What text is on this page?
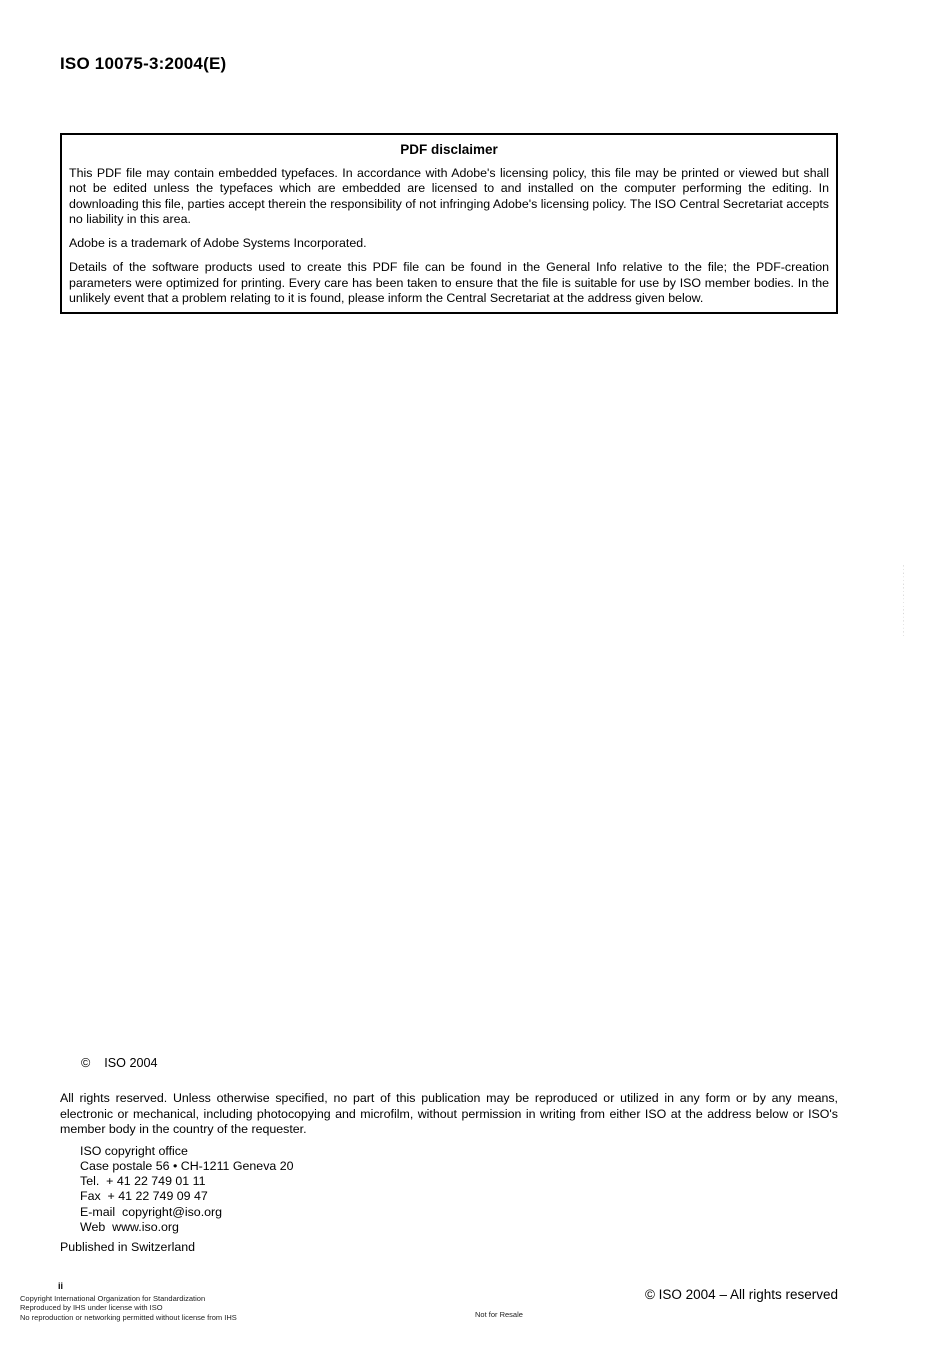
ISO 10075-3:2004(E)
PDF disclaimer

This PDF file may contain embedded typefaces. In accordance with Adobe's licensing policy, this file may be printed or viewed but shall not be edited unless the typefaces which are embedded are licensed to and installed on the computer performing the editing. In downloading this file, parties accept therein the responsibility of not infringing Adobe's licensing policy. The ISO Central Secretariat accepts no liability in this area.

Adobe is a trademark of Adobe Systems Incorporated.

Details of the software products used to create this PDF file can be found in the General Info relative to the file; the PDF-creation parameters were optimized for printing. Every care has been taken to ensure that the file is suitable for use by ISO member bodies. In the unlikely event that a problem relating to it is found, please inform the Central Secretariat at the address given below.

-·-··--·-···--·-··-·

© ISO 2004

All rights reserved. Unless otherwise specified, no part of this publication may be reproduced or utilized in any form or by any means, electronic or mechanical, including photocopying and microfilm, without permission in writing from either ISO at the address below or ISO's member body in the country of the requester.

ISO copyright office
Case postale 56 • CH-1211 Geneva 20
Tel.  + 41 22 749 01 11
Fax  + 41 22 749 09 47
E-mail  copyright@iso.org
Web  www.iso.org
Published in Switzerland
ii
Copyright International Organization for Standardization
Reproduced by IHS under license with ISO
No reproduction or networking permitted without license from IHS	Not for Resale
© ISO 2004 – All rights reserved
